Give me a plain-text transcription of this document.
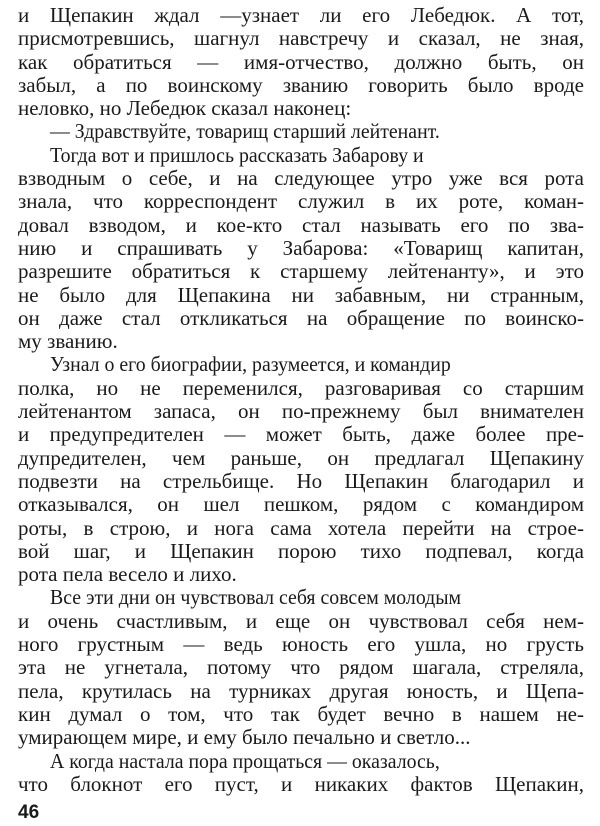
и Щепакин ждал —узнает ли его Лебедюк. А тот,
присмотревшись, шагнул навстречу и сказал, не зная,
как обратиться — имя-отчество, должно быть, он
забыл, а по воинскому званию говорить было вроде
неловко, но Лебедюк сказал наконец:
— Здравствуйте, товарищ старший лейтенант.
Тогда вот и пришлось рассказать Забарову и
взводным о себе, и на следующее утро уже вся рота
знала, что корреспондент служил в их роте, коман-
довал взводом, и кое-кто стал называть его по зва-
нию и спрашивать у Забарова: «Товарищ капитан,
разрешите обратиться к старшему лейтенанту», и это
не было для Щепакина ни забавным, ни странным,
он даже стал откликаться на обращение по воинско-
му званию.
Узнал о его биографии, разумеется, и командир
полка, но не переменился, разговаривая со старшим
лейтенантом запаса, он по-прежнему был внимателен
и предупредителен — может быть, даже более пре-
дупредителен, чем раньше, он предлагал Щепакину
подвезти на стрельбище. Но Щепакин благодарил и
отказывался, он шел пешком, рядом с командиром
роты, в строю, и нога сама хотела перейти на строе-
вой шаг, и Щепакин порою тихо подпевал, когда
рота пела весело и лихо.
Все эти дни он чувствовал себя совсем молодым
и очень счастливым, и еще он чувствовал себя нем-
ного грустным — ведь юность его ушла, но грусть
эта не угнетала, потому что рядом шагала, стреляла,
пела, крутилась на турниках другая юность, и Щепа-
кин думал о том, что так будет вечно в нашем не-
умирающем мире, и ему было печально и светло...
А когда настала пора прощаться — оказалось,
что блокнот его пуст, и никаких фактов Щепакин,
46
